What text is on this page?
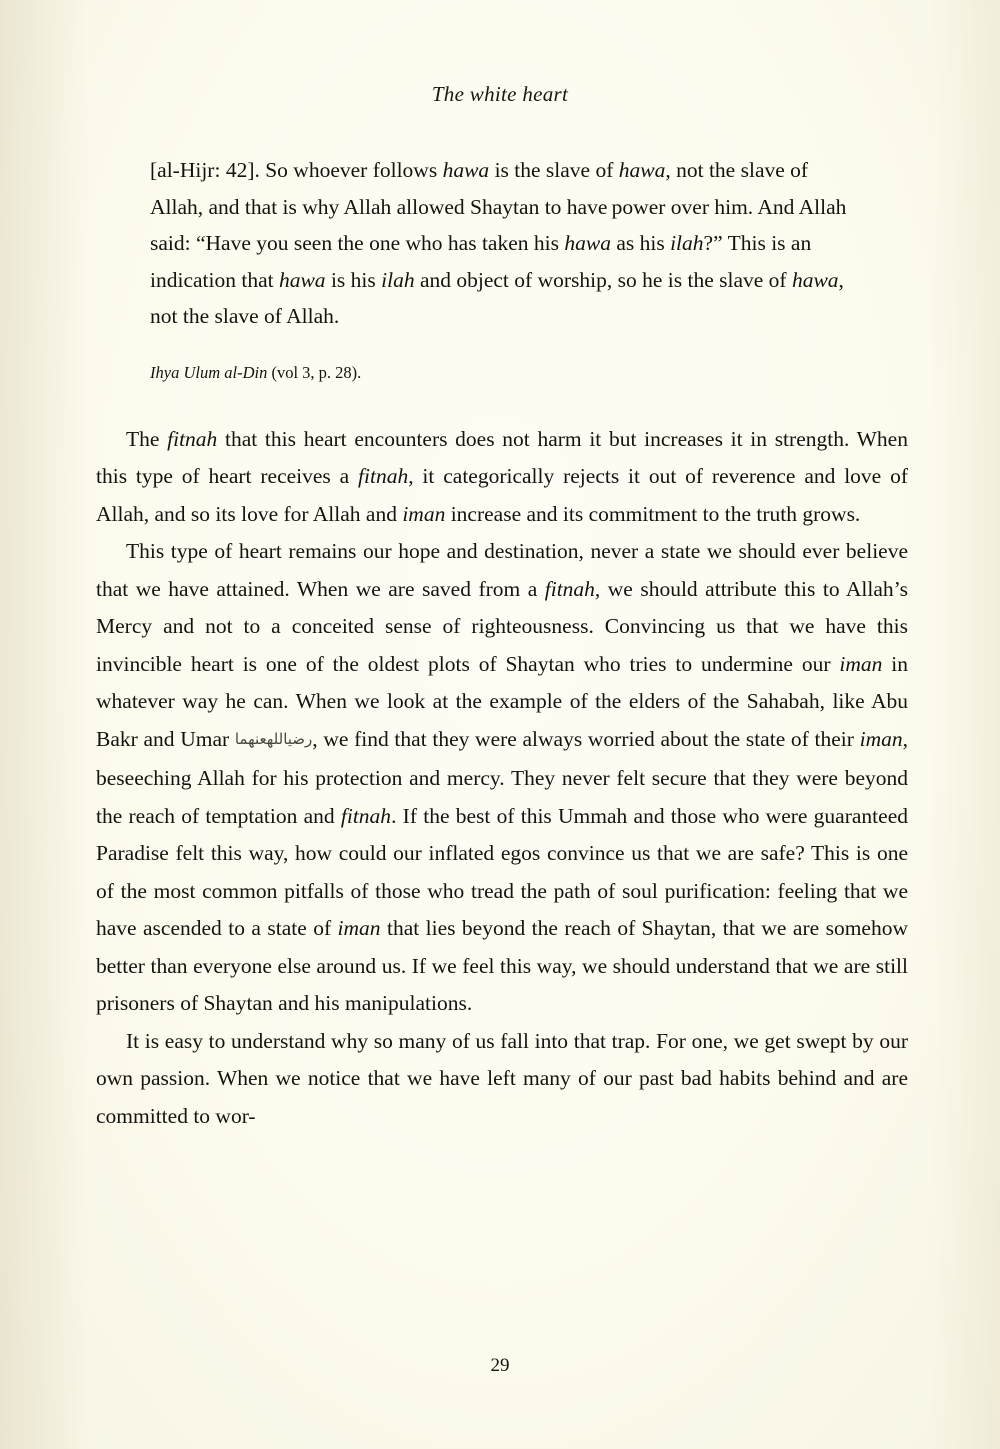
The white heart

[al-Hijr: 42]. So whoever follows hawa is the slave of hawa, not the slave of Allah, and that is why Allah allowed Shaytan to have power over him. And Allah said: “Have you seen the one who has taken his hawa as his ilah?” This is an indication that hawa is his ilah and object of worship, so he is the slave of hawa, not the slave of Allah.

Ihya Ulum al-Din (vol 3, p. 28).

The fitnah that this heart encounters does not harm it but increases it in strength. When this type of heart receives a fitnah, it categorically rejects it out of reverence and love of Allah, and so its love for Allah and iman increase and its commitment to the truth grows.

This type of heart remains our hope and destination, never a state we should ever believe that we have attained. When we are saved from a fitnah, we should attribute this to Allah’s Mercy and not to a conceited sense of righteousness. Convincing us that we have this invincible heart is one of the oldest plots of Shaytan who tries to undermine our iman in whatever way he can. When we look at the example of the elders of the Sahabah, like Abu Bakr and Umar رضياللهعنهما, we find that they were always worried about the state of their iman, beseeching Allah for his protection and mercy. They never felt secure that they were beyond the reach of temptation and fitnah. If the best of this Ummah and those who were guaranteed Paradise felt this way, how could our inflated egos convince us that we are safe? This is one of the most common pitfalls of those who tread the path of soul purification: feeling that we have ascended to a state of iman that lies beyond the reach of Shaytan, that we are somehow better than everyone else around us. If we feel this way, we should understand that we are still prisoners of Shaytan and his manipulations.

It is easy to understand why so many of us fall into that trap. For one, we get swept by our own passion. When we notice that we have left many of our past bad habits behind and are committed to wor-

29
